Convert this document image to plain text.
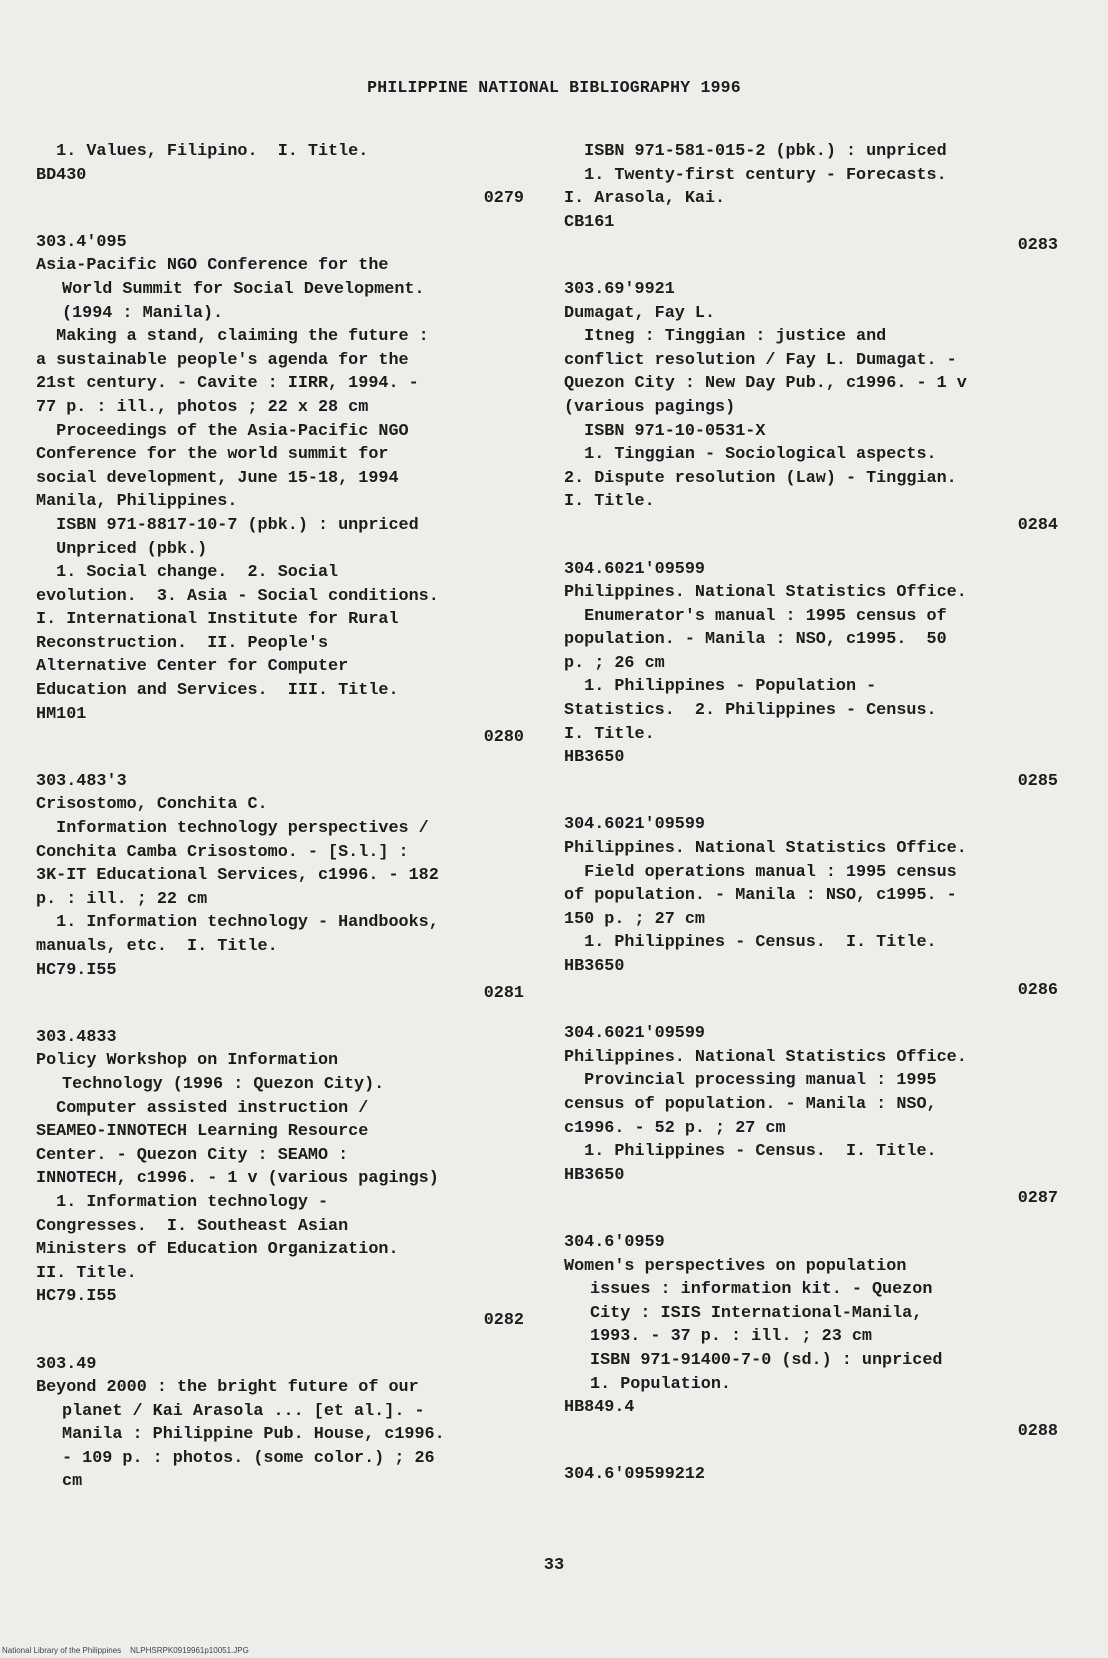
PHILIPPINE NATIONAL BIBLIOGRAPHY 1996
1. Values, Filipino.  I. Title.
BD430
0279
303.4'095
Asia-Pacific NGO Conference for the
World Summit for Social Development.
(1994 : Manila).
Making a stand, claiming the future :
a sustainable people's agenda for the
21st century. - Cavite : IIRR, 1994. -
77 p. : ill., photos ; 22 x 28 cm
Proceedings of the Asia-Pacific NGO
Conference for the world summit for
social development, June 15-18, 1994
Manila, Philippines.
ISBN 971-8817-10-7 (pbk.) : unpriced
Unpriced (pbk.)
1. Social change.  2. Social
evolution.  3. Asia - Social conditions.
I. International Institute for Rural
Reconstruction.  II. People's
Alternative Center for Computer
Education and Services.  III. Title.
HM101
0280
303.483'3
Crisostomo, Conchita C.
Information technology perspectives /
Conchita Camba Crisostomo. - [S.l.] :
3K-IT Educational Services, c1996. - 182
p. : ill. ; 22 cm
1. Information technology - Handbooks,
manuals, etc.  I. Title.
HC79.I55
0281
303.4833
Policy Workshop on Information
Technology (1996 : Quezon City).
Computer assisted instruction /
SEAMEO-INNOTECH Learning Resource
Center. - Quezon City : SEAMO :
INNOTECH, c1996. - 1 v (various pagings)
1. Information technology -
Congresses.  I. Southeast Asian
Ministers of Education Organization.
II. Title.
HC79.I55
0282
303.49
Beyond 2000 : the bright future of our
planet / Kai Arasola ... [et al.]. -
Manila : Philippine Pub. House, c1996.
- 109 p. : photos. (some color.) ; 26
cm
ISBN 971-581-015-2 (pbk.) : unpriced
1. Twenty-first century - Forecasts.
I. Arasola, Kai.
CB161
0283
303.69'9921
Dumagat, Fay L.
Itneg : Tinggian : justice and
conflict resolution / Fay L. Dumagat. -
Quezon City : New Day Pub., c1996. - 1 v
(various pagings)
ISBN 971-10-0531-X
1. Tinggian - Sociological aspects.
2. Dispute resolution (Law) - Tinggian.
I. Title.
0284
304.6021'09599
Philippines. National Statistics Office.
Enumerator's manual : 1995 census of
population. - Manila : NSO, c1995.  50
p. ; 26 cm
1. Philippines - Population -
Statistics.  2. Philippines - Census.
I. Title.
HB3650
0285
304.6021'09599
Philippines. National Statistics Office.
Field operations manual : 1995 census
of population. - Manila : NSO, c1995. -
150 p. ; 27 cm
1. Philippines - Census.  I. Title.
HB3650
0286
304.6021'09599
Philippines. National Statistics Office.
Provincial processing manual : 1995
census of population. - Manila : NSO,
c1996. - 52 p. ; 27 cm
1. Philippines - Census.  I. Title.
HB3650
0287
304.6'0959
Women's perspectives on population
issues : information kit. - Quezon
City : ISIS International-Manila,
1993. - 37 p. : ill. ; 23 cm
ISBN 971-91400-7-0 (sd.) : unpriced
1. Population.
HB849.4
0288
304.6'09599212
33
National Library of the Philippines    NLPHSRPK0919961p10051.JPG
